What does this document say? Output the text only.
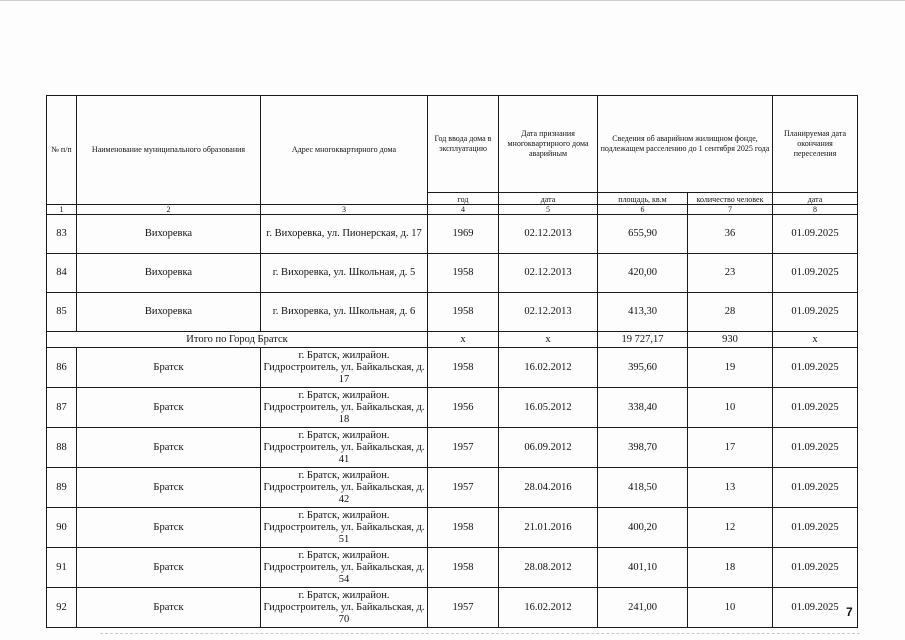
№ п/п	Наименование муниципального образования	Адрес многоквартирного дома	Год ввода дома в эксплуатацию	Дата признания многоквартирного дома аварийным	Сведения об аварийном жилищном фонде, подлежащем расселению до 1 сентября 2025 года		Планируемая дата окончания переселения
			год	дата	площадь, кв.м	количество человек	дата
1	2	3	4	5	6	7	8
83	Вихоревка	г. Вихоревка, ул. Пионерская, д. 17	1969	02.12.2013	655,90	36	01.09.2025
84	Вихоревка	г. Вихоревка, ул. Школьная, д. 5	1958	02.12.2013	420,00	23	01.09.2025
85	Вихоревка	г. Вихоревка, ул. Школьная, д. 6	1958	02.12.2013	413,30	28	01.09.2025
Итого по Город Братск			x	x	19 727,17	930	x
86	Братск	г. Братск, жилрайон. Гидростроитель, ул. Байкальская, д. 17	1958	16.02.2012	395,60	19	01.09.2025
87	Братск	г. Братск, жилрайон. Гидростроитель, ул. Байкальская, д. 18	1956	16.05.2012	338,40	10	01.09.2025
88	Братск	г. Братск, жилрайон. Гидростроитель, ул. Байкальская, д. 41	1957	06.09.2012	398,70	17	01.09.2025
89	Братск	г. Братск, жилрайон. Гидростроитель, ул. Байкальская, д. 42	1957	28.04.2016	418,50	13	01.09.2025
90	Братск	г. Братск, жилрайон. Гидростроитель, ул. Байкальская, д. 51	1958	21.01.2016	400,20	12	01.09.2025
91	Братск	г. Братск, жилрайон. Гидростроитель, ул. Байкальская, д. 54	1958	28.08.2012	401,10	18	01.09.2025
92	Братск	г. Братск, жилрайон. Гидростроитель, ул. Байкальская, д. 70	1957	16.02.2012	241,00	10	01.09.2025 7
